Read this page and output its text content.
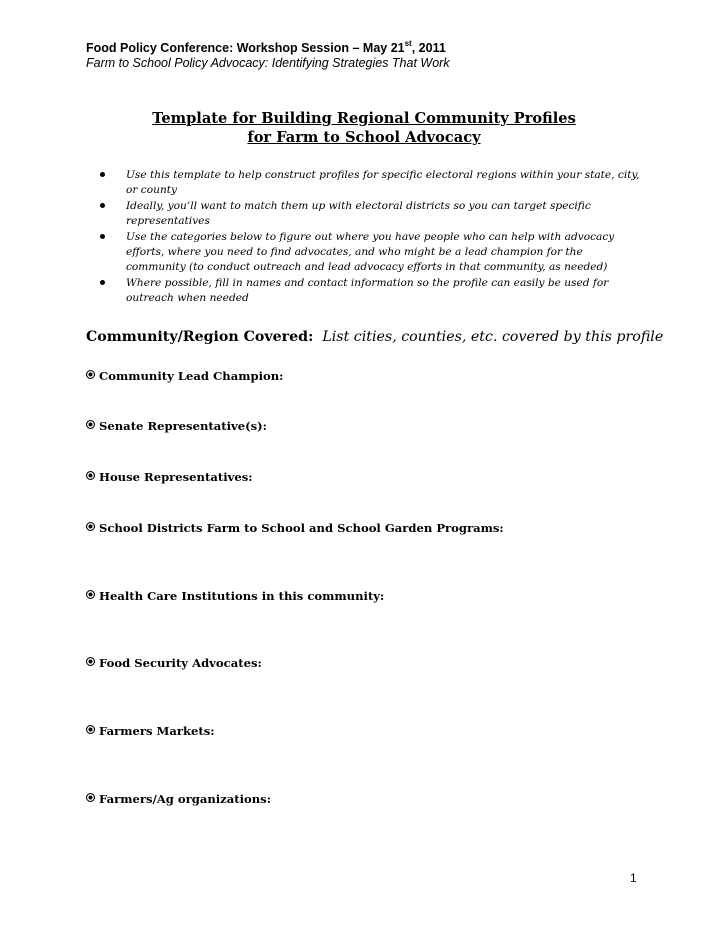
Food Policy Conference: Workshop Session – May 21st, 2011
Farm to School Policy Advocacy: Identifying Strategies That Work
Template for Building Regional Community Profiles
for Farm to School Advocacy
Use this template to help construct profiles for specific electoral regions within your state, city, or county
Ideally, you’ll want to match them up with electoral districts so you can target specific representatives
Use the categories below to figure out where you have people who can help with advocacy efforts, where you need to find advocates, and who might be a lead champion for the community (to conduct outreach and lead advocacy efforts in that community, as needed)
Where possible, fill in names and contact information so the profile can easily be used for outreach when needed
Community/Region Covered: List cities, counties, etc. covered by this profile
Community Lead Champion:
Senate Representative(s):
House Representatives:
School Districts Farm to School and School Garden Programs:
Health Care Institutions in this community:
Food Security Advocates:
Farmers Markets:
Farmers/Ag organizations:
1
